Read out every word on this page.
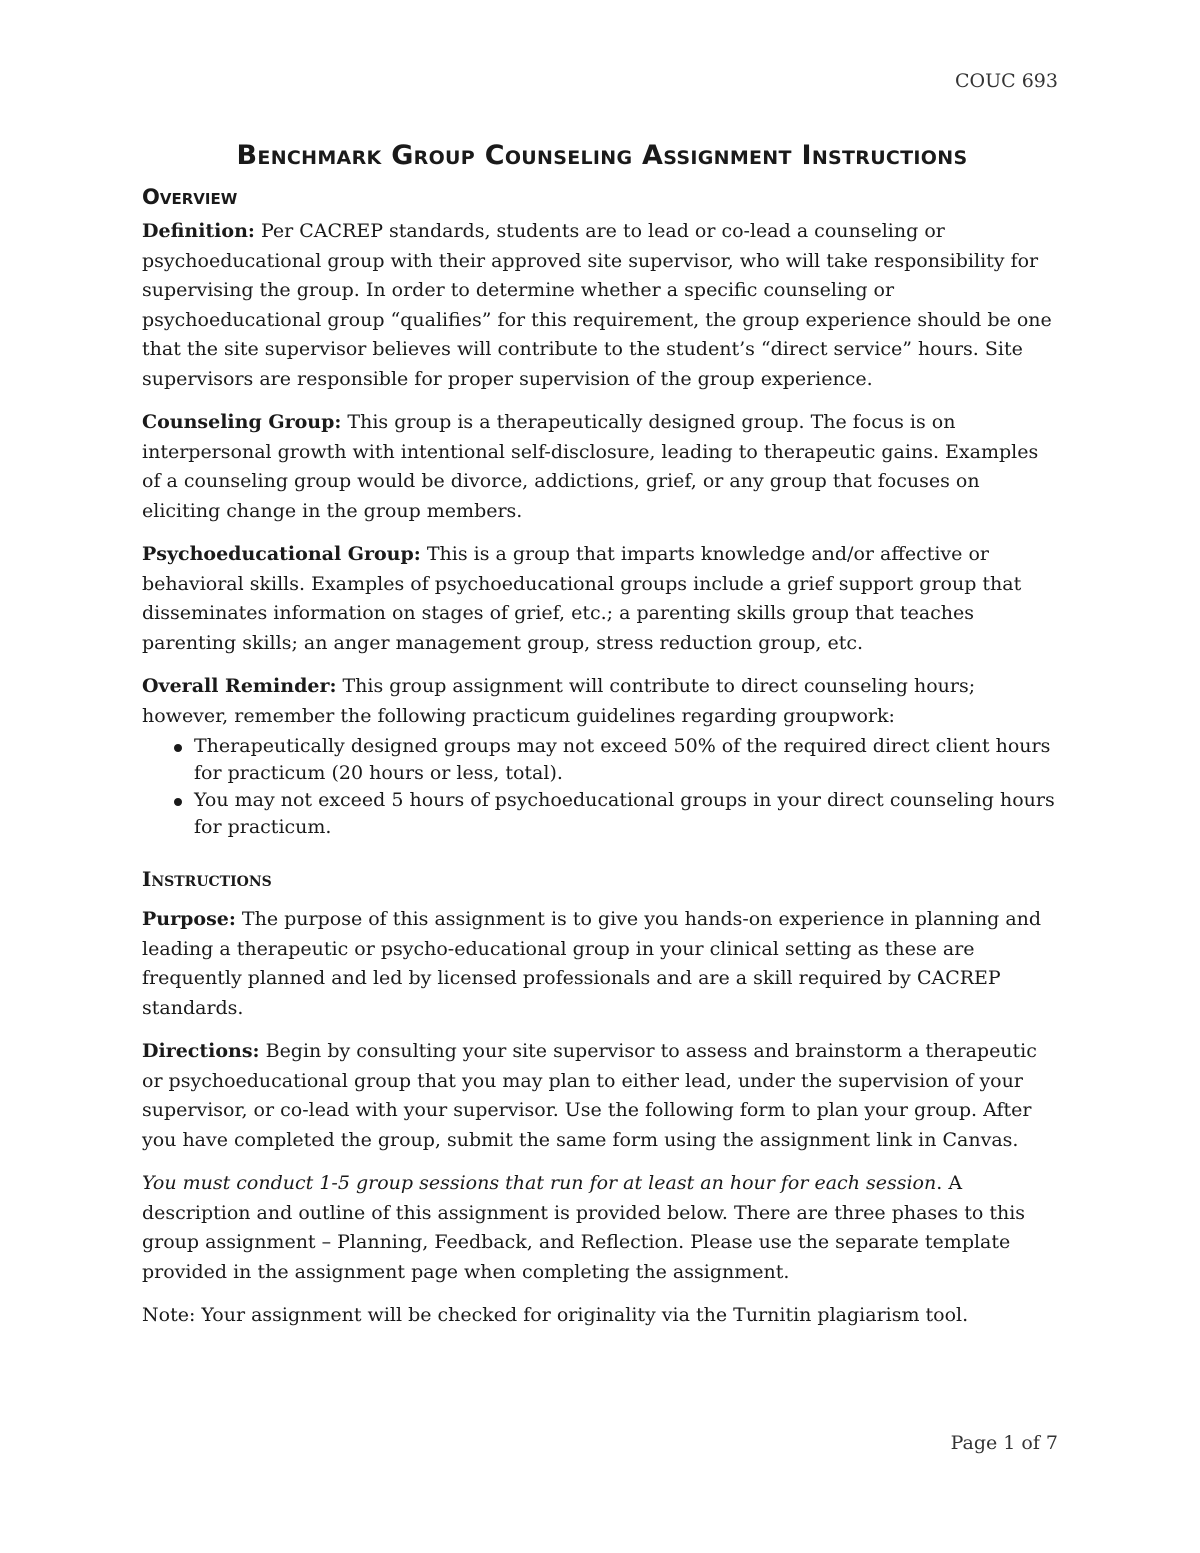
COUC 693
Benchmark Group Counseling Assignment Instructions
Overview

Definition: Per CACREP standards, students are to lead or co-lead a counseling or psychoeducational group with their approved site supervisor, who will take responsibility for supervising the group. In order to determine whether a specific counseling or psychoeducational group “qualifies” for this requirement, the group experience should be one that the site supervisor believes will contribute to the student’s “direct service” hours. Site supervisors are responsible for proper supervision of the group experience.

Counseling Group: This group is a therapeutically designed group. The focus is on interpersonal growth with intentional self-disclosure, leading to therapeutic gains. Examples of a counseling group would be divorce, addictions, grief, or any group that focuses on eliciting change in the group members.

Psychoeducational Group: This is a group that imparts knowledge and/or affective or behavioral skills. Examples of psychoeducational groups include a grief support group that disseminates information on stages of grief, etc.; a parenting skills group that teaches parenting skills; an anger management group, stress reduction group, etc.

Overall Reminder: This group assignment will contribute to direct counseling hours; however, remember the following practicum guidelines regarding groupwork:

Therapeutically designed groups may not exceed 50% of the required direct client hours for practicum (20 hours or less, total).
You may not exceed 5 hours of psychoeducational groups in your direct counseling hours for practicum.
Instructions

Purpose: The purpose of this assignment is to give you hands-on experience in planning and leading a therapeutic or psycho-educational group in your clinical setting as these are frequently planned and led by licensed professionals and are a skill required by CACREP standards.

Directions: Begin by consulting your site supervisor to assess and brainstorm a therapeutic or psychoeducational group that you may plan to either lead, under the supervision of your supervisor, or co-lead with your supervisor. Use the following form to plan your group. After you have completed the group, submit the same form using the assignment link in Canvas.

You must conduct 1-5 group sessions that run for at least an hour for each session. A description and outline of this assignment is provided below. There are three phases to this group assignment – Planning, Feedback, and Reflection. Please use the separate template provided in the assignment page when completing the assignment.

Note: Your assignment will be checked for originality via the Turnitin plagiarism tool.

Page 1 of 7
